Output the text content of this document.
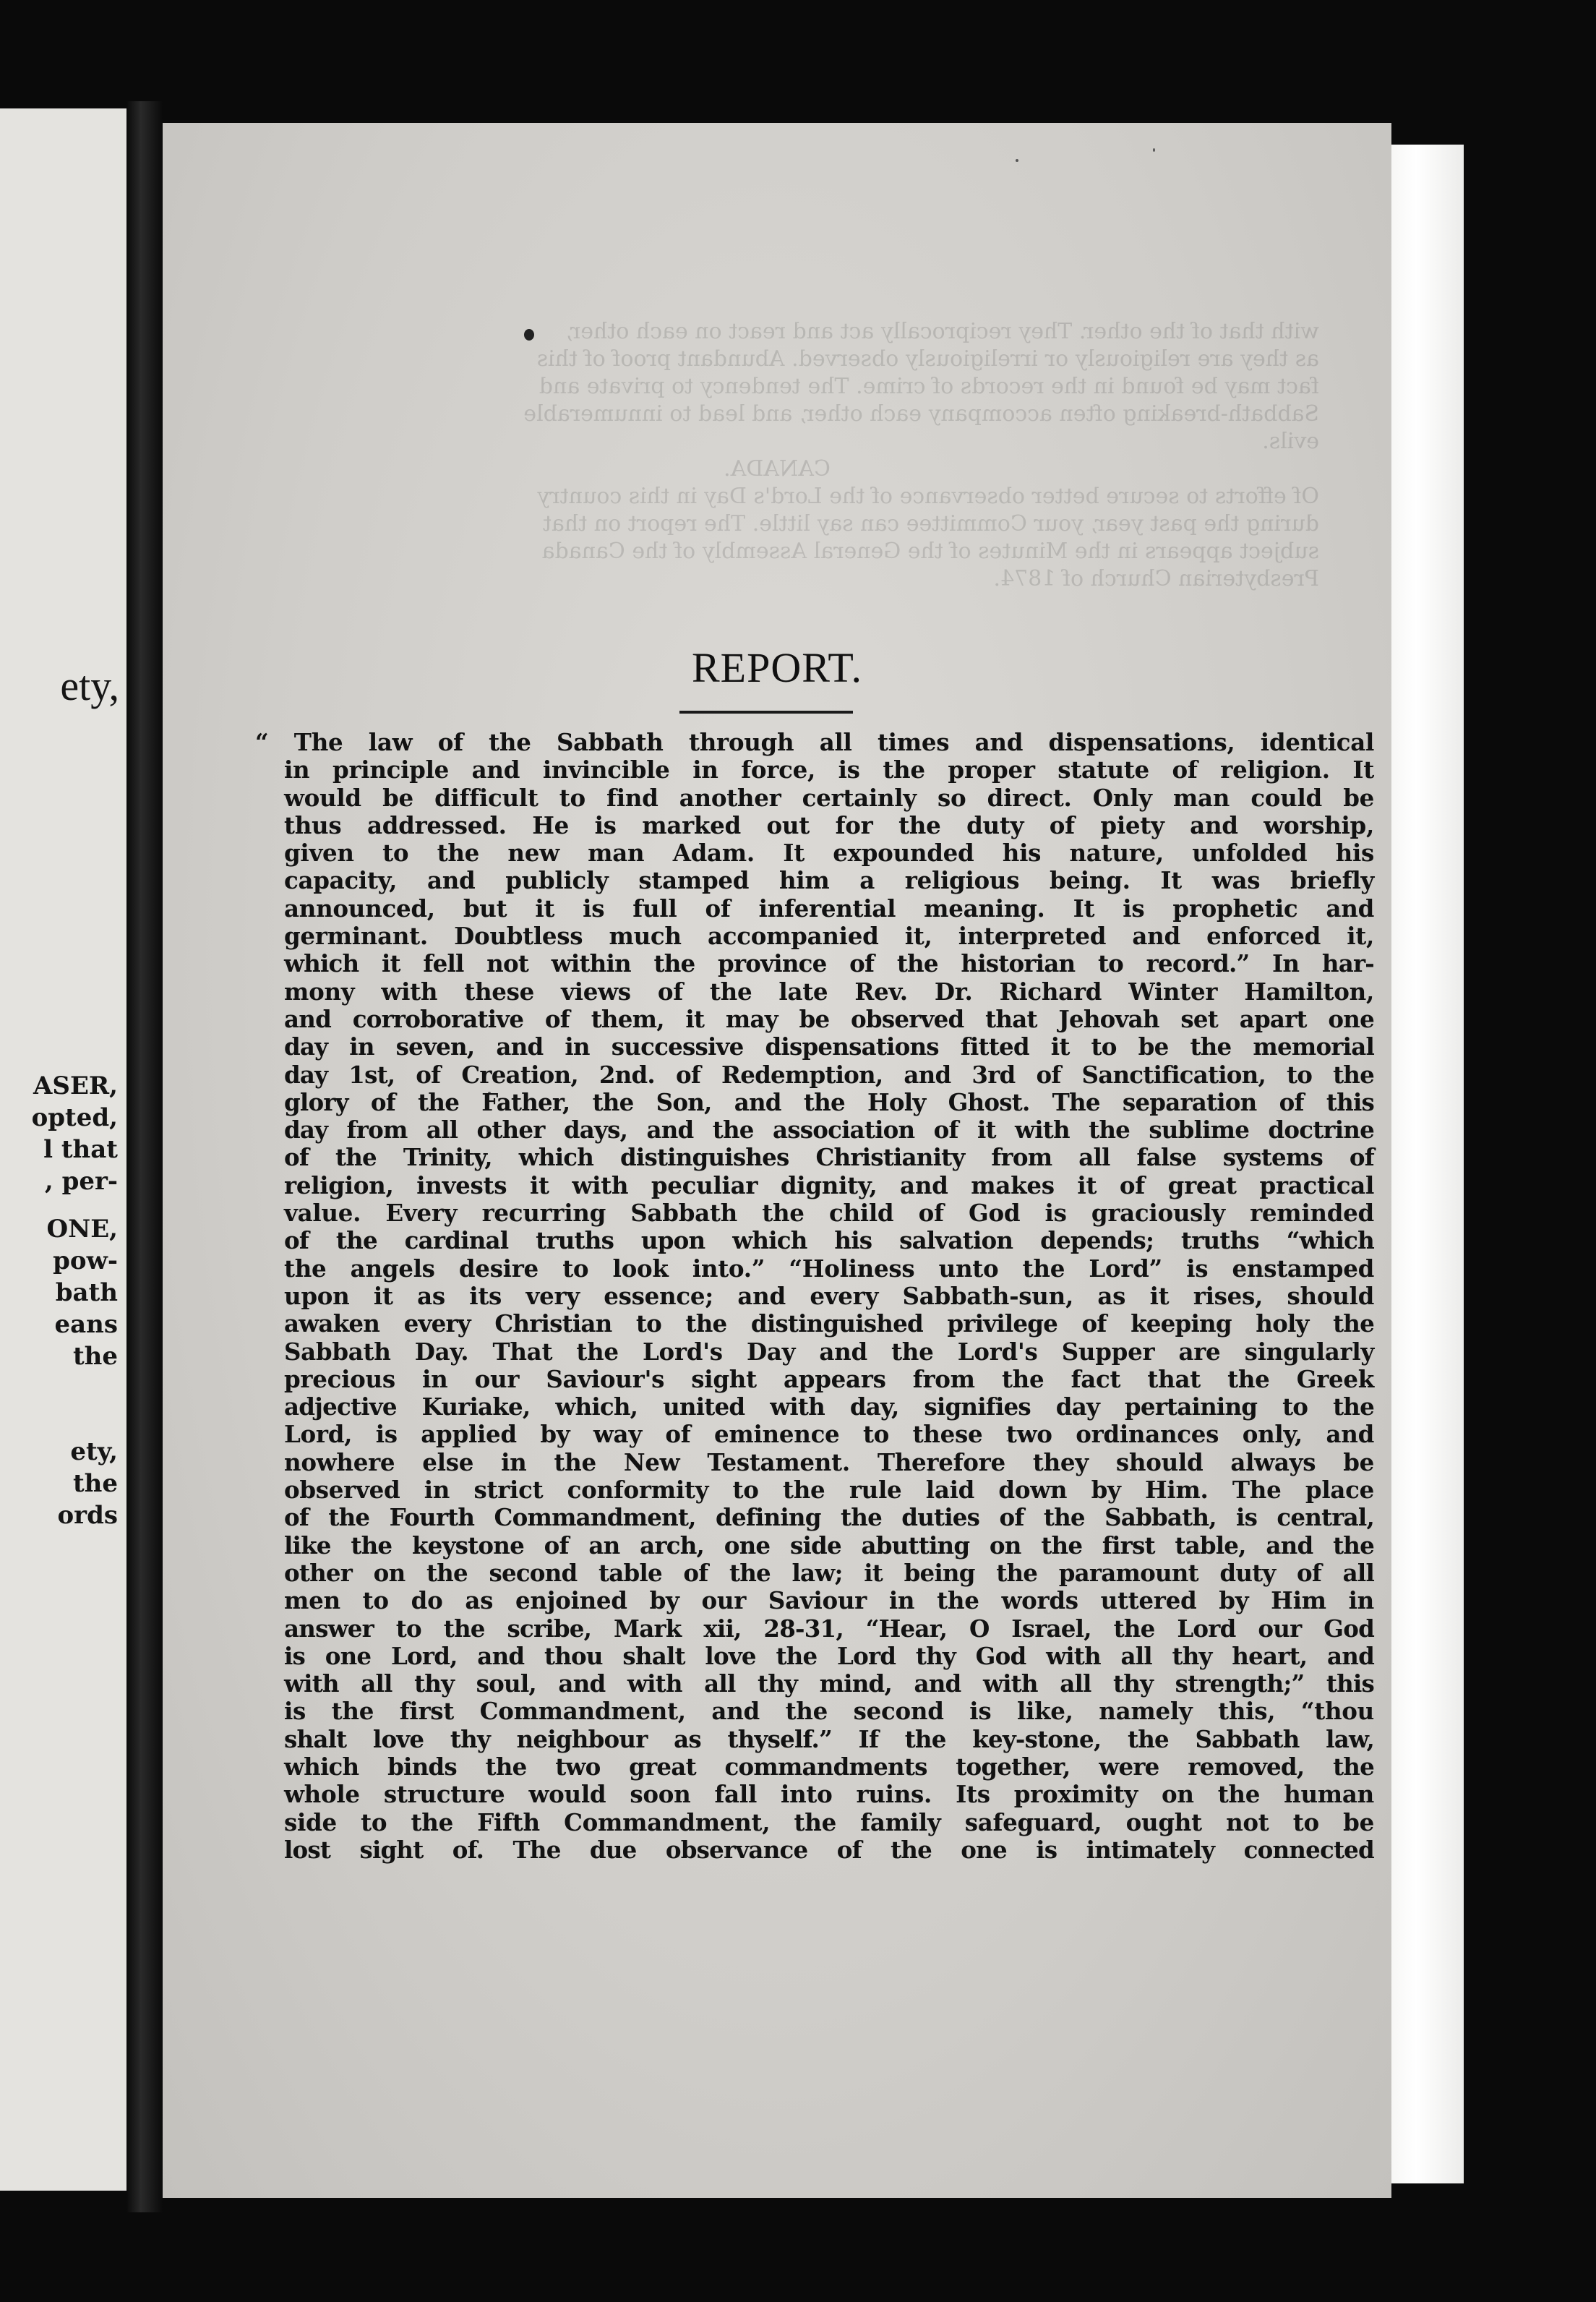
ety,
ASER,
opted,
l that
, per-
ONE,
pow-
bath
eans
the
ety,
the
ords
with that of the other. They reciprocally act and react on each other,
as they are religiously or irreligiously observed. Abundant proof of this
fact may be found in the records of crime. The tendency to private and
Sabbath-breaking often accompany each other, and lead to innumerable
evils.
CANADA.
Of efforts to secure better observance of the Lord's Day in this country
during the past year, your Committee can say little. The report on that
subject appears in the Minutes of the General Assembly of the Canada
Presbyterian Church of 1874.
REPORT.
“ The law of the Sabbath through all times and dispensations, identical
in principle and invincible in force, is the proper statute of religion. It
would be difficult to find another certainly so direct. Only man could be
thus addressed. He is marked out for the duty of piety and worship,
given to the new man Adam. It expounded his nature, unfolded his
capacity, and publicly stamped him a religious being. It was briefly
announced, but it is full of inferential meaning. It is prophetic and
germinant. Doubtless much accompanied it, interpreted and enforced it,
which it fell not within the province of the historian to record.” In har-
mony with these views of the late Rev. Dr. Richard Winter Hamilton,
and corroborative of them, it may be observed that Jehovah set apart one
day in seven, and in successive dispensations fitted it to be the memorial
day 1st, of Creation, 2nd. of Redemption, and 3rd of Sanctification, to the
glory of the Father, the Son, and the Holy Ghost. The separation of this
day from all other days, and the association of it with the sublime doctrine
of the Trinity, which distinguishes Christianity from all false systems of
religion, invests it with peculiar dignity, and makes it of great practical
value. Every recurring Sabbath the child of God is graciously reminded
of the cardinal truths upon which his salvation depends; truths “which
the angels desire to look into.” “Holiness unto the Lord” is enstamped
upon it as its very essence; and every Sabbath-sun, as it rises, should
awaken every Christian to the distinguished privilege of keeping holy the
Sabbath Day. That the Lord's Day and the Lord's Supper are singularly
precious in our Saviour's sight appears from the fact that the Greek
adjective Kuriake, which, united with day, signifies day pertaining to the
Lord, is applied by way of eminence to these two ordinances only, and
nowhere else in the New Testament. Therefore they should always be
observed in strict conformity to the rule laid down by Him. The place
of the Fourth Commandment, defining the duties of the Sabbath, is central,
like the keystone of an arch, one side abutting on the first table, and the
other on the second table of the law; it being the paramount duty of all
men to do as enjoined by our Saviour in the words uttered by Him in
answer to the scribe, Mark xii, 28-31, “Hear, O Israel, the Lord our God
is one Lord, and thou shalt love the Lord thy God with all thy heart, and
with all thy soul, and with all thy mind, and with all thy strength;” this
is the first Commandment, and the second is like, namely this, “thou
shalt love thy neighbour as thyself.” If the key-stone, the Sabbath law,
which binds the two great commandments together, were removed, the
whole structure would soon fall into ruins. Its proximity on the human
side to the Fifth Commandment, the family safeguard, ought not to be
lost sight of. The due observance of the one is intimately connected
